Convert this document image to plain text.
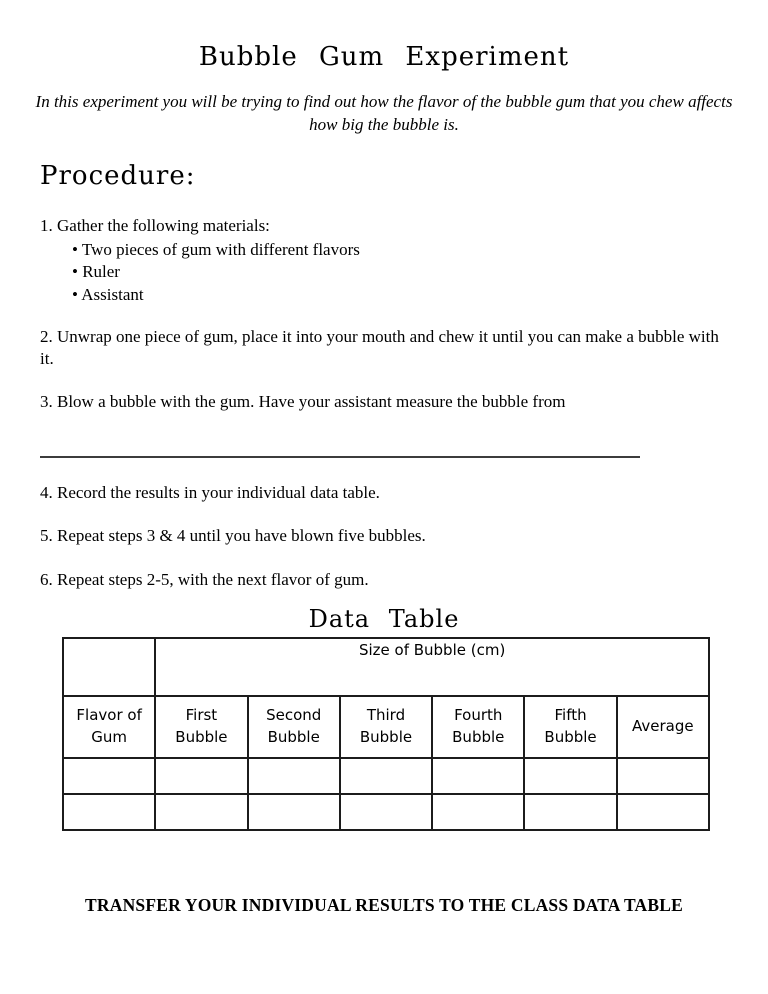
Bubble Gum Experiment
In this experiment you will be trying to find out how the flavor of the bubble gum that you chew affects how big the bubble is.
Procedure:
1. Gather the following materials:
• Two pieces of gum with different flavors
• Ruler
• Assistant
2. Unwrap one piece of gum, place it into your mouth and chew it until you can make a bubble with it.
3. Blow a bubble with the gum. Have your assistant measure the bubble from
4. Record the results in your individual data table.
5. Repeat steps 3 & 4 until you have blown five bubbles.
6. Repeat steps 2-5, with the next flavor of gum.
Data Table
	Size of Bubble (cm)					
Flavor of Gum	First Bubble	Second Bubble	Third Bubble	Fourth Bubble	Fifth Bubble	Average

TRANSFER YOUR INDIVIDUAL RESULTS TO THE CLASS DATA TABLE
